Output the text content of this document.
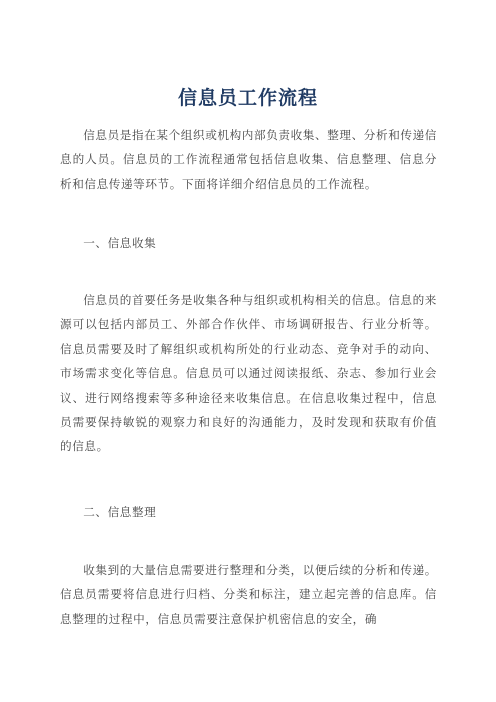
信息员工作流程

信息员是指在某个组织或机构内部负责收集、整理、分析和传递信息的人员。信息员的工作流程通常包括信息收集、信息整理、信息分析和信息传递等环节。下面将详细介绍信息员的工作流程。

一、信息收集

信息员的首要任务是收集各种与组织或机构相关的信息。信息的来源可以包括内部员工、外部合作伙伴、市场调研报告、行业分析等。信息员需要及时了解组织或机构所处的行业动态、竞争对手的动向、市场需求变化等信息。信息员可以通过阅读报纸、杂志、参加行业会议、进行网络搜索等多种途径来收集信息。在信息收集过程中，信息员需要保持敏锐的观察力和良好的沟通能力，及时发现和获取有价值的信息。

二、信息整理

收集到的大量信息需要进行整理和分类，以便后续的分析和传递。信息员需要将信息进行归档、分类和标注，建立起完善的信息库。信息整理的过程中，信息员需要注意保护机密信息的安全，确
